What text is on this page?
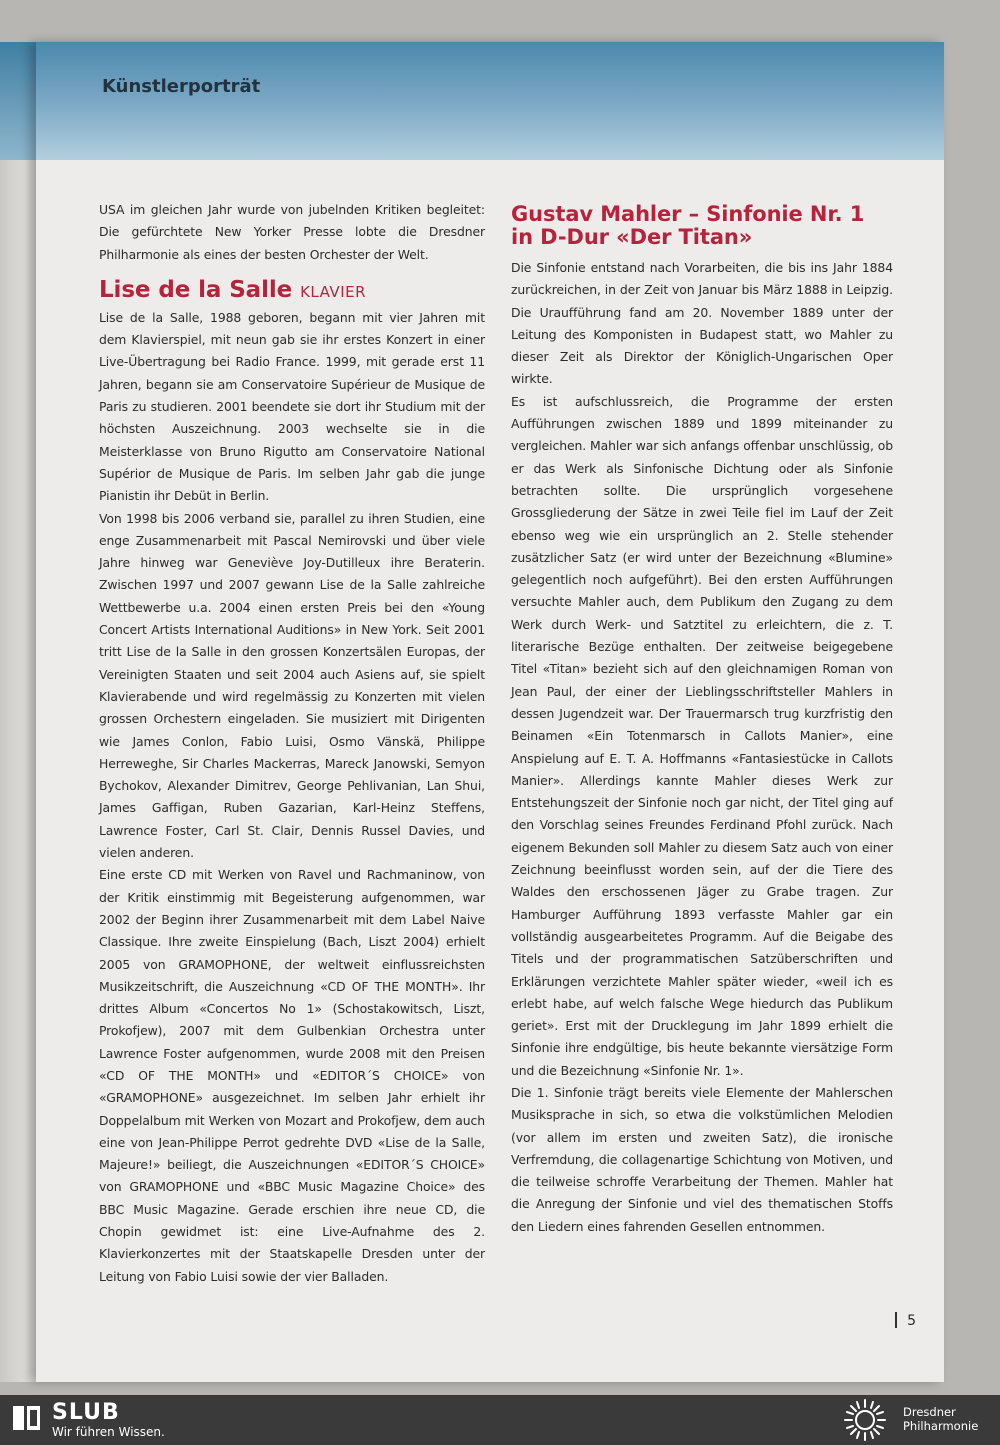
Künstlerporträt

USA im gleichen Jahr wurde von jubelnden Kritiken begleitet: Die gefürchtete New Yorker Presse lobte die Dresdner Philharmonie als eines der besten Orchester der Welt.

Lise de la Salle KLAVIER

Lise de la Salle, 1988 geboren, begann mit vier Jahren mit dem Klavierspiel, mit neun gab sie ihr erstes Konzert in einer Live-Übertragung bei Radio France. 1999, mit gerade erst 11 Jahren, begann sie am Conservatoire Supérieur de Musique de Paris zu studieren. 2001 beendete sie dort ihr Studium mit der höchsten Auszeichnung. 2003 wechselte sie in die Meisterklasse von Bruno Rigutto am Conservatoire National Supérior de Musique de Paris. Im selben Jahr gab die junge Pianistin ihr Debüt in Berlin.

Von 1998 bis 2006 verband sie, parallel zu ihren Studien, eine enge Zusammenarbeit mit Pascal Nemirovski und über viele Jahre hinweg war Geneviève Joy-Dutilleux ihre Beraterin. Zwischen 1997 und 2007 gewann Lise de la Salle zahlreiche Wettbewerbe u.a. 2004 einen ersten Preis bei den «Young Concert Artists International Auditions» in New York. Seit 2001 tritt Lise de la Salle in den grossen Konzertsälen Europas, der Vereinigten Staaten und seit 2004 auch Asiens auf, sie spielt Klavierabende und wird regelmässig zu Konzerten mit vielen grossen Orchestern eingeladen. Sie musiziert mit Dirigenten wie James Conlon, Fabio Luisi, Osmo Vänskä, Philippe Herreweghe, Sir Charles Mackerras, Mareck Janowski, Semyon Bychokov, Alexander Dimitrev, George Pehlivanian, Lan Shui, James Gaffigan, Ruben Gazarian, Karl-Heinz Steffens, Lawrence Foster, Carl St. Clair, Dennis Russel Davies, und vielen anderen.

Eine erste CD mit Werken von Ravel und Rachmaninow, von der Kritik einstimmig mit Begeisterung aufgenommen, war 2002 der Beginn ihrer Zusammenarbeit mit dem Label Naive Classique. Ihre zweite Einspielung (Bach, Liszt 2004) erhielt 2005 von GRAMOPHONE, der weltweit einflussreichsten Musikzeitschrift, die Auszeichnung «CD OF THE MONTH». Ihr drittes Album «Concertos No 1» (Schostakowitsch, Liszt, Prokofjew), 2007 mit dem Gulbenkian Orchestra unter Lawrence Foster aufgenommen, wurde 2008 mit den Preisen «CD OF THE MONTH» und «EDITOR´S CHOICE» von «GRAMOPHONE» ausgezeichnet. Im selben Jahr erhielt ihr Doppelalbum mit Werken von Mozart and Prokofjew, dem auch eine von Jean-Philippe Perrot gedrehte DVD «Lise de la Salle, Majeure!» beiliegt, die Auszeichnungen «EDITOR´S CHOICE» von GRAMOPHONE und «BBC Music Magazine Choice» des BBC Music Magazine. Gerade erschien ihre neue CD, die Chopin gewidmet ist: eine Live-Aufnahme des 2. Klavierkonzertes mit der Staatskapelle Dresden unter der Leitung von Fabio Luisi sowie der vier Balladen.

Gustav Mahler – Sinfonie Nr. 1
in D-Dur «Der Titan»

Die Sinfonie entstand nach Vorarbeiten, die bis ins Jahr 1884 zurückreichen, in der Zeit von Januar bis März 1888 in Leipzig. Die Uraufführung fand am 20. November 1889 unter der Leitung des Komponisten in Budapest statt, wo Mahler zu dieser Zeit als Direktor der Königlich-Ungarischen Oper wirkte.

Es ist aufschlussreich, die Programme der ersten Aufführungen zwischen 1889 und 1899 miteinander zu vergleichen. Mahler war sich anfangs offenbar unschlüssig, ob er das Werk als Sinfonische Dichtung oder als Sinfonie betrachten sollte. Die ursprünglich vorgesehene Grossgliederung der Sätze in zwei Teile fiel im Lauf der Zeit ebenso weg wie ein ursprünglich an 2. Stelle stehender zusätzlicher Satz (er wird unter der Bezeichnung «Blumine» gelegentlich noch aufgeführt). Bei den ersten Aufführungen versuchte Mahler auch, dem Publikum den Zugang zu dem Werk durch Werk- und Satztitel zu erleichtern, die z. T. literarische Bezüge enthalten. Der zeitweise beigegebene Titel «Titan» bezieht sich auf den gleichnamigen Roman von Jean Paul, der einer der Lieblingsschriftsteller Mahlers in dessen Jugendzeit war. Der Trauermarsch trug kurzfristig den Beinamen «Ein Totenmarsch in Callots Manier», eine Anspielung auf E. T. A. Hoffmanns «Fantasiestücke in Callots Manier». Allerdings kannte Mahler dieses Werk zur Entstehungszeit der Sinfonie noch gar nicht, der Titel ging auf den Vorschlag seines Freundes Ferdinand Pfohl zurück. Nach eigenem Bekunden soll Mahler zu diesem Satz auch von einer Zeichnung beeinflusst worden sein, auf der die Tiere des Waldes den erschossenen Jäger zu Grabe tragen. Zur Hamburger Aufführung 1893 verfasste Mahler gar ein vollständig ausgearbeitetes Programm. Auf die Beigabe des Titels und der programmatischen Satzüberschriften und Erklärungen verzichtete Mahler später wieder, «weil ich es erlebt habe, auf welch falsche Wege hiedurch das Publikum geriet». Erst mit der Drucklegung im Jahr 1899 erhielt die Sinfonie ihre endgültige, bis heute bekannte viersätzige Form und die Bezeichnung «Sinfonie Nr. 1».

Die 1. Sinfonie trägt bereits viele Elemente der Mahlerschen Musiksprache in sich, so etwa die volkstümlichen Melodien (vor allem im ersten und zweiten Satz), die ironische Verfremdung, die collagenartige Schichtung von Motiven, und die teilweise schroffe Verarbeitung der Themen. Mahler hat die Anregung der Sinfonie und viel des thematischen Stoffs den Liedern eines fahrenden Gesellen entnommen.

5
SLUB
Wir führen Wissen.
Dresdner
Philharmonie
